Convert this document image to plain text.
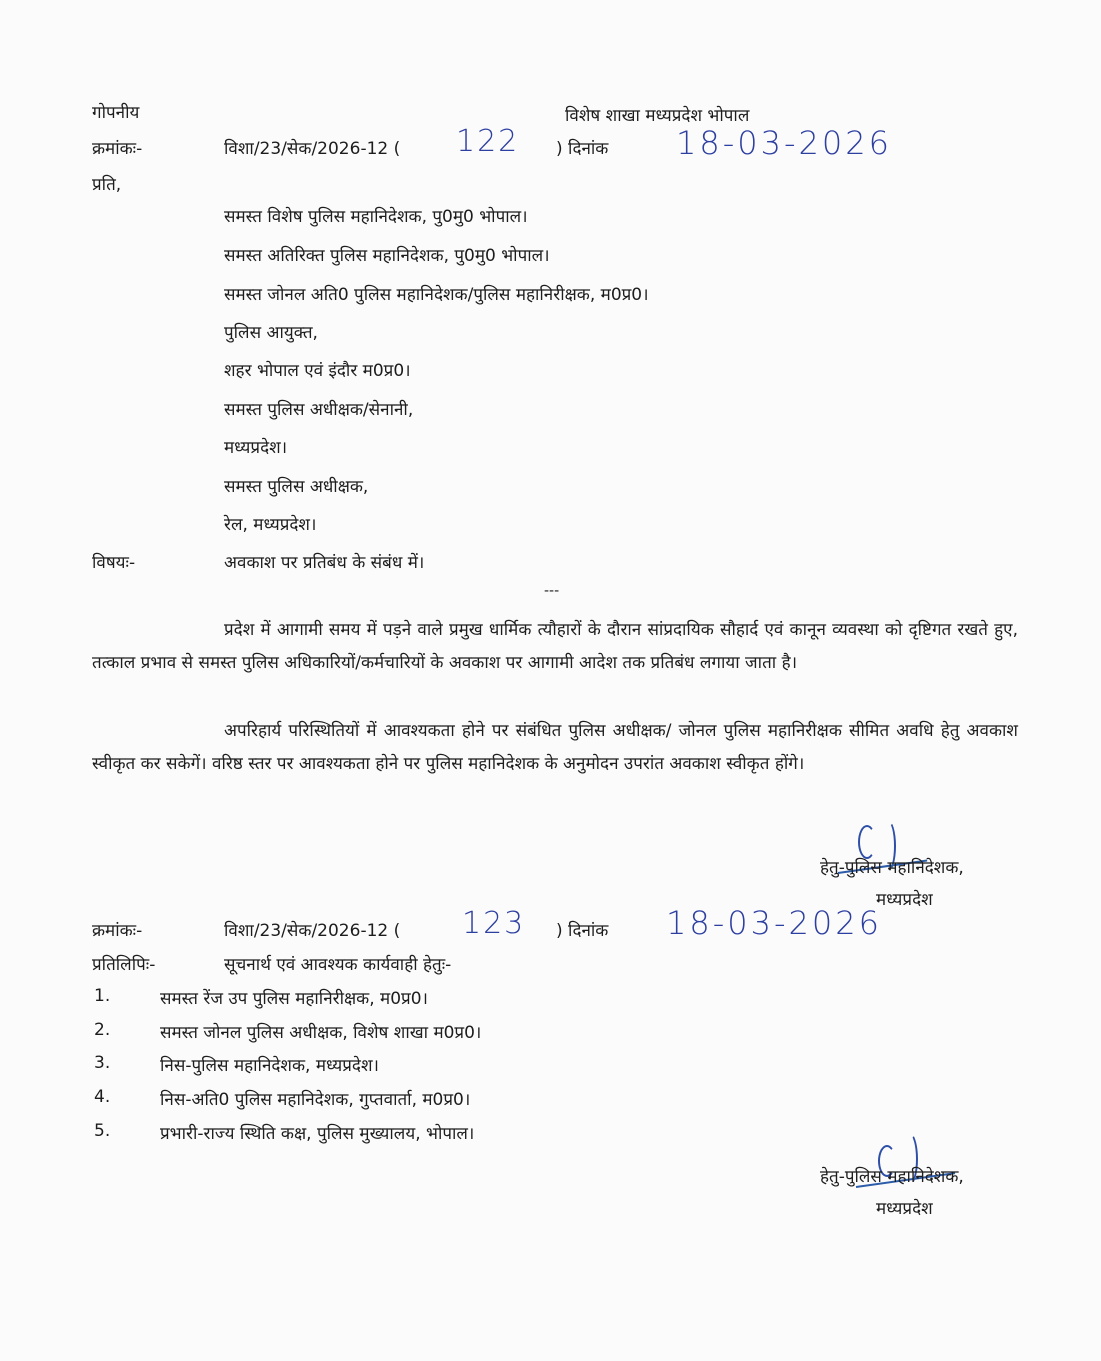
गोपनीय	विशेष शाखा मध्यप्रदेश भोपाल
क्रमांकः-	विशा/23/सेक/2026-12 ( 122 ) दिनांक 18-03-2026
प्रति,
समस्त विशेष पुलिस महानिदेशक, पु0मु0 भोपाल।
समस्त अतिरिक्त पुलिस महानिदेशक, पु0मु0 भोपाल।
समस्त जोनल अति0 पुलिस महानिदेशक/पुलिस महानिरीक्षक, म0प्र0।
पुलिस आयुक्त,
शहर भोपाल एवं इंदौर म0प्र0।
समस्त पुलिस अधीक्षक/सेनानी,
मध्यप्रदेश।
समस्त पुलिस अधीक्षक,
रेल, मध्यप्रदेश।
विषयः-	अवकाश पर प्रतिबंध के संबंध में।
---
प्रदेश में आगामी समय में पड़ने वाले प्रमुख धार्मिक त्यौहारों के दौरान सांप्रदायिक सौहार्द एवं कानून व्यवस्था को दृष्टिगत रखते हुए, तत्काल प्रभाव से समस्त पुलिस अधिकारियों/कर्मचारियों के अवकाश पर आगामी आदेश तक प्रतिबंध लगाया जाता है।
अपरिहार्य परिस्थितियों में आवश्यकता होने पर संबंधित पुलिस अधीक्षक/ जोनल पुलिस महानिरीक्षक सीमित अवधि हेतु अवकाश स्वीकृत कर सकेगें। वरिष्ठ स्तर पर आवश्यकता होने पर पुलिस महानिदेशक के अनुमोदन उपरांत अवकाश स्वीकृत होंगे।
हेतु-पुलिस महानिदेशक,
मध्यप्रदेश
क्रमांकः-	विशा/23/सेक/2026-12 ( 123 ) दिनांक 18-03-2026
प्रतिलिपिः-	सूचनार्थ एवं आवश्यक कार्यवाही हेतुः-
1.	समस्त रेंज उप पुलिस महानिरीक्षक, म0प्र0।
2.	समस्त जोनल पुलिस अधीक्षक, विशेष शाखा म0प्र0।
3.	निस-पुलिस महानिदेशक, मध्यप्रदेश।
4.	निस-अति0 पुलिस महानिदेशक, गुप्तवार्ता, म0प्र0।
5.	प्रभारी-राज्य स्थिति कक्ष, पुलिस मुख्यालय, भोपाल।
हेतु-पुलिस महानिदेशक,
मध्यप्रदेश
